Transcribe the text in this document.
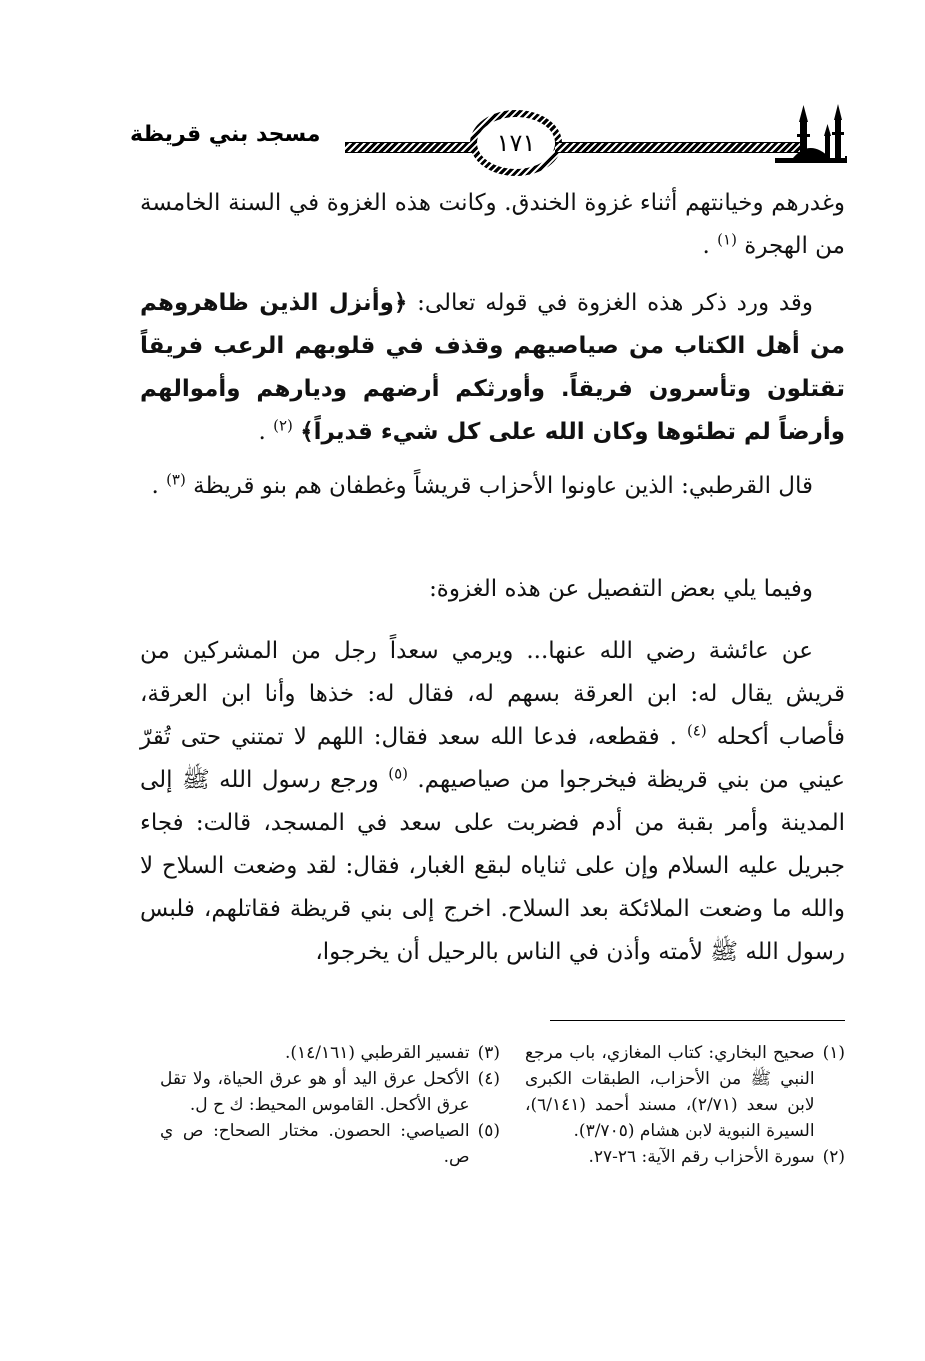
مسجد بني قريظة	١٧١

وغدرهم وخيانتهم أثناء غزوة الخندق. وكانت هذه الغزوة في السنة الخامسة من الهجرة $^{(١)}$ .

وقد ورد ذكر هذه الغزوة في قوله تعالى: ﴿وأنزل الذين ظاهروهم من أهل الكتاب من صياصيهم وقذف في قلوبهم الرعب فريقاً تقتلون وتأسرون فريقاً. وأورثكم أرضهم وديارهم وأموالهم وأرضاً لم تطئوها وكان الله على كل شيء قديراً﴾ $^{(٢)}$ .

قال القرطبي: الذين عاونوا الأحزاب قريشاً وغطفان هم بنو قريظة $^{(٣)}$ .

وفيما يلي بعض التفصيل عن هذه الغزوة:

عن عائشة رضي الله عنها... ويرمي سعداً رجل من المشركين من قريش يقال له: ابن العرقة بسهم له، فقال له: خذها وأنا ابن العرقة، فأصاب أكحله $^{(٤)}$ . فقطعه، فدعا الله سعد فقال: اللهم لا تمتني حتى تُقرّ عيني من بني قريظة فيخرجوا من صياصيهم. $^{(٥)}$ ورجع رسول الله ﷺ إلى المدينة وأمر بقبة من أدم فضربت على سعد في المسجد، قالت: فجاء جبريل عليه السلام وإن على ثناياه لبقع الغبار، فقال: لقد وضعت السلاح لا والله ما وضعت الملائكة بعد السلاح. اخرج إلى بني قريظة فقاتلهم، فلبس رسول الله ﷺ لأمته وأذن في الناس بالرحيل أن يخرجوا،

(١)
صحيح البخاري: كتاب المغازي، باب مرجع النبي ﷺ من الأحزاب، الطبقات الكبرى لابن سعد (٢/٧١)، مسند أحمد (٦/١٤١)، السيرة النبوية لابن هشام (٣/٧٠٥).

(٢)
سورة الأحزاب رقم الآية: ٢٦-٢٧.

(٣)
تفسير القرطبي (١٤/١٦١).

(٤)
الأكحل عرق اليد أو هو عرق الحياة، ولا تقل عرق الأكحل. القاموس المحيط: ك ح ل.

(٥)
الصياصي: الحصون. مختار الصحاح: ص ي ص.
